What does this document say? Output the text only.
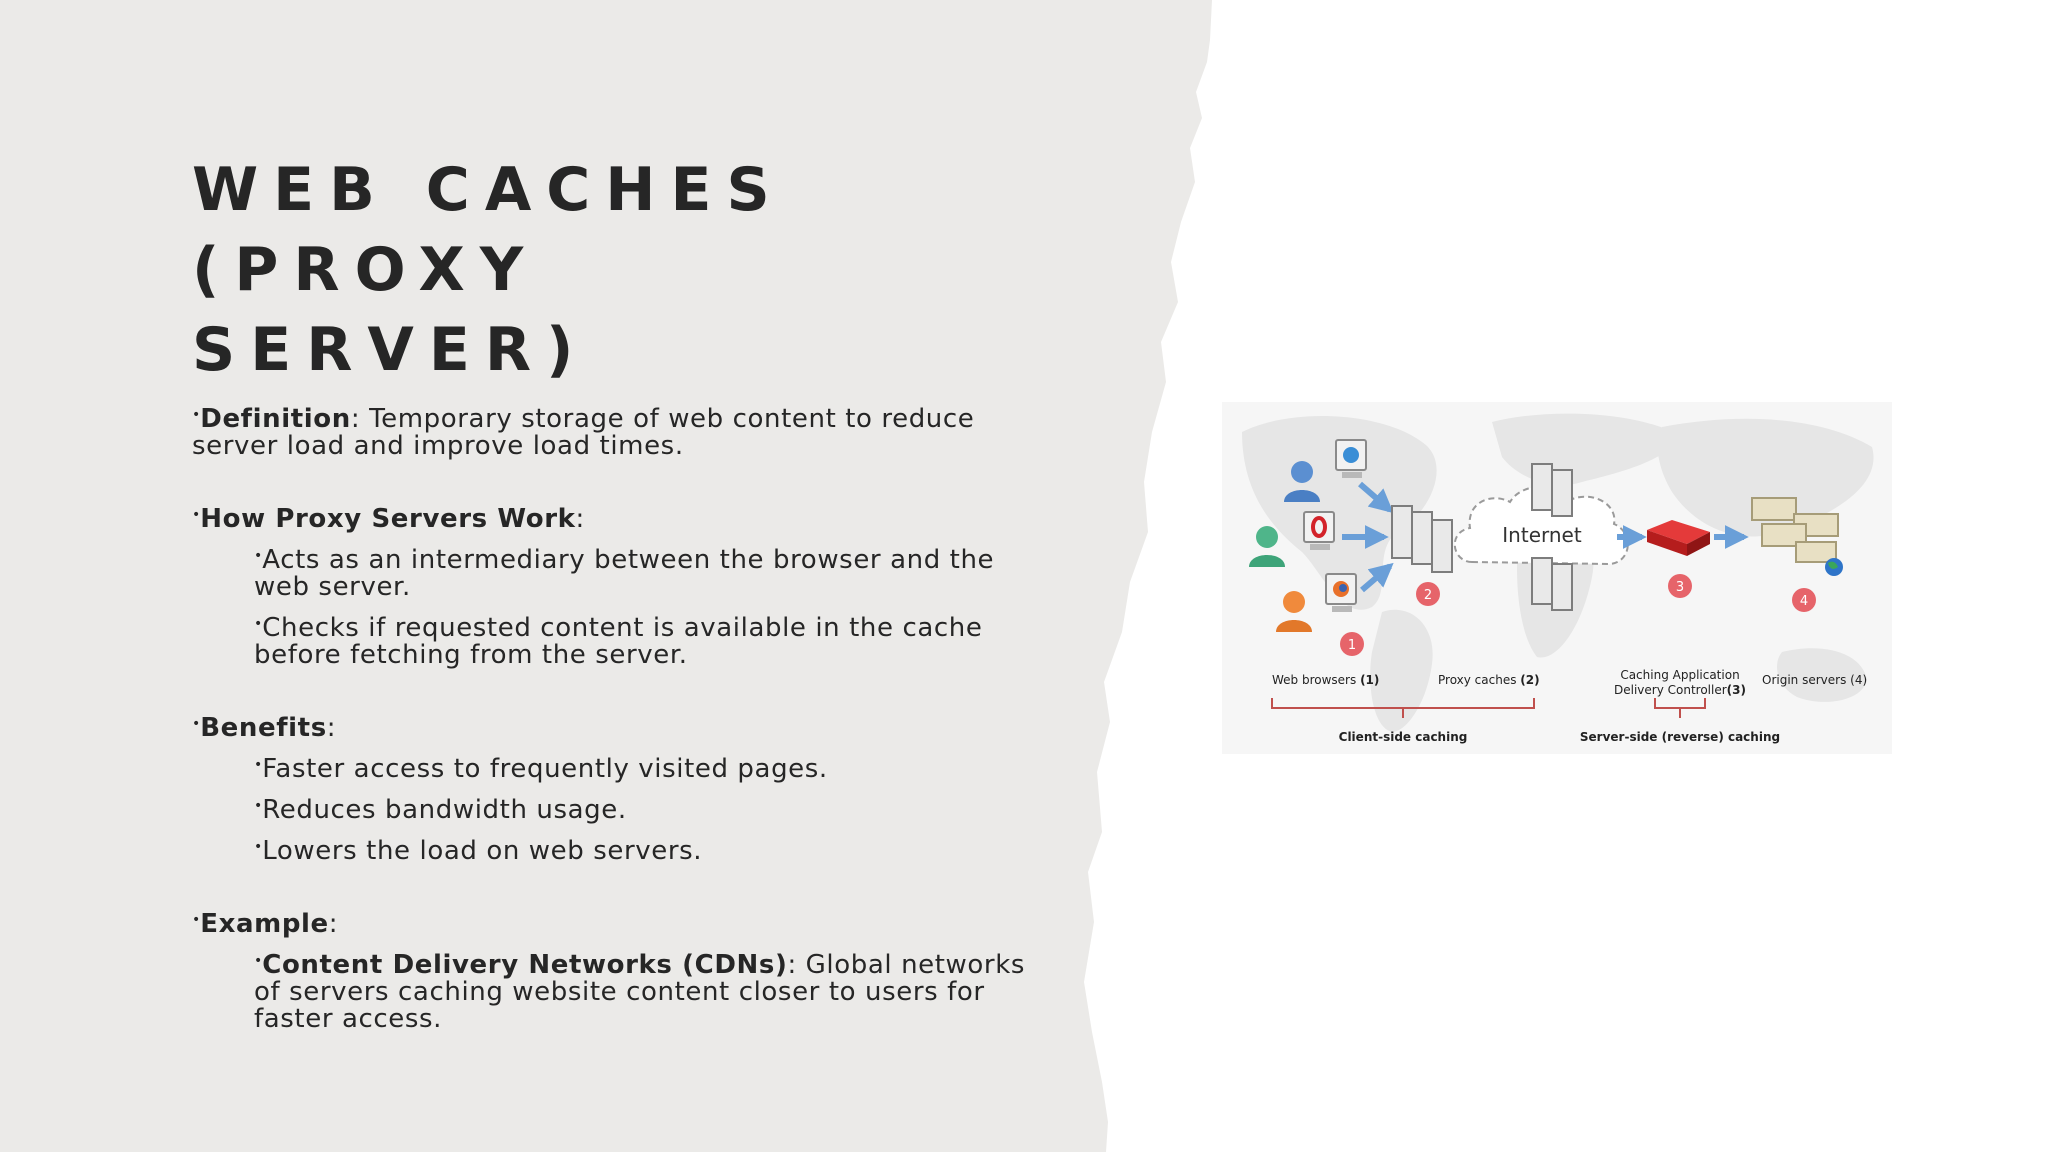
WEB CACHES (PROXY
SERVER)

•Definition: Temporary storage of web content to reduce server load and improve load times.

•How Proxy Servers Work:

•Acts as an intermediary between the browser and the web server.

•Checks if requested content is available in the cache before fetching from the server.

•Benefits:

•Faster access to frequently visited pages.

•Reduces bandwidth usage.

•Lowers the load on web servers.

•Example:

•Content Delivery Networks (CDNs): Global networks of servers caching website content closer to users for faster access.

Internet
1
2
3
4
Web browsers (1)	Proxy caches (2)	Caching Application
Delivery Controller(3)
Origin servers (4)
Client-side caching	Server-side (reverse) caching
